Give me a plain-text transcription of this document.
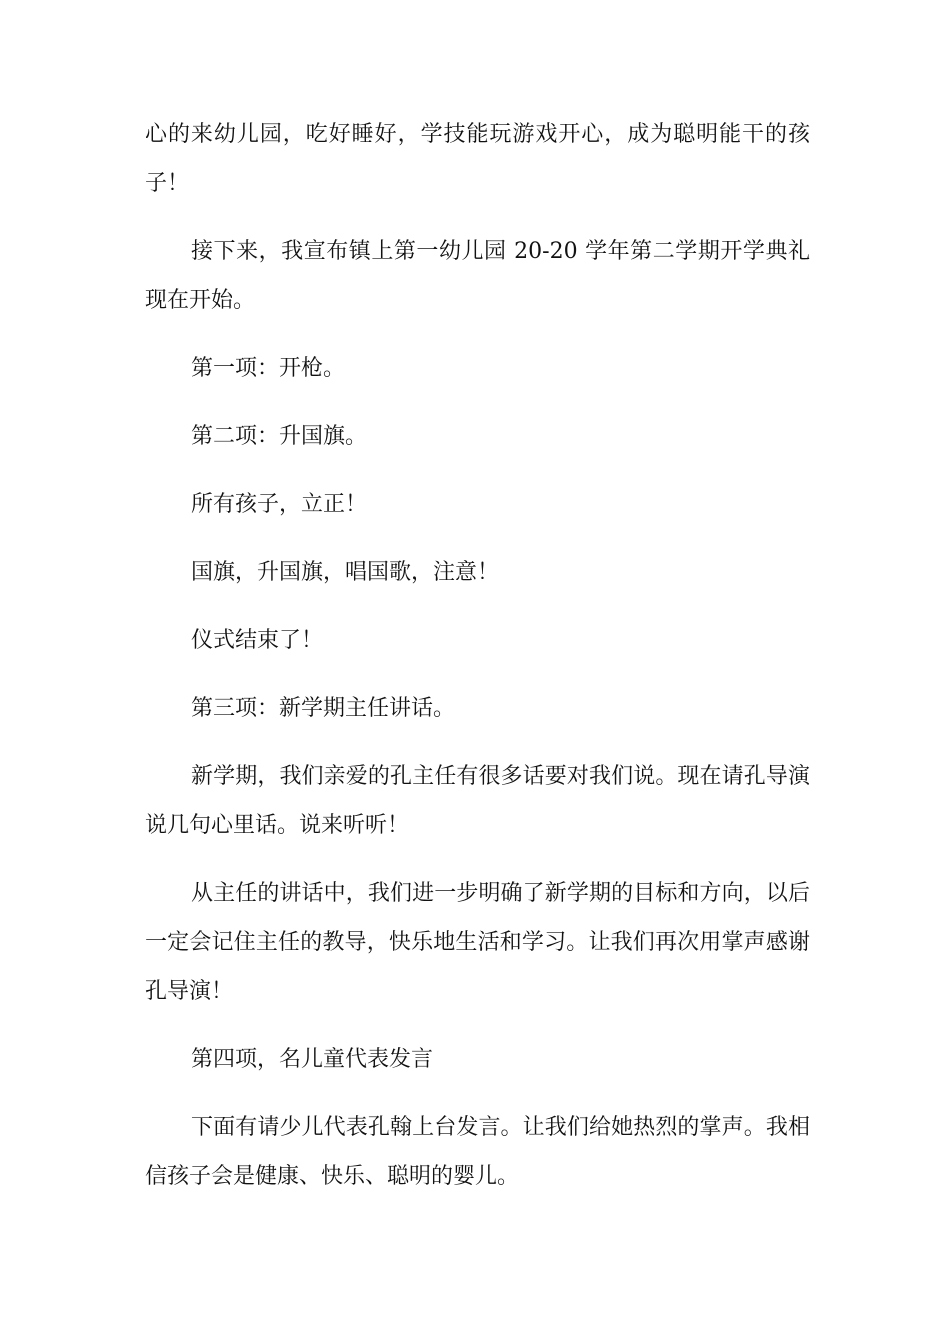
心的来幼儿园，吃好睡好，学技能玩游戏开心，成为聪明能干的孩子！

接下来，我宣布镇上第一幼儿园 20-20 学年第二学期开学典礼现在开始。

第一项：开枪。

第二项：升国旗。

所有孩子，立正！

国旗，升国旗，唱国歌，注意！

仪式结束了！

第三项：新学期主任讲话。

新学期，我们亲爱的孔主任有很多话要对我们说。现在请孔导演说几句心里话。说来听听！

从主任的讲话中，我们进一步明确了新学期的目标和方向，以后一定会记住主任的教导，快乐地生活和学习。让我们再次用掌声感谢孔导演！

第四项，名儿童代表发言

下面有请少儿代表孔翰上台发言。让我们给她热烈的掌声。我相信孩子会是健康、快乐、聪明的婴儿。
